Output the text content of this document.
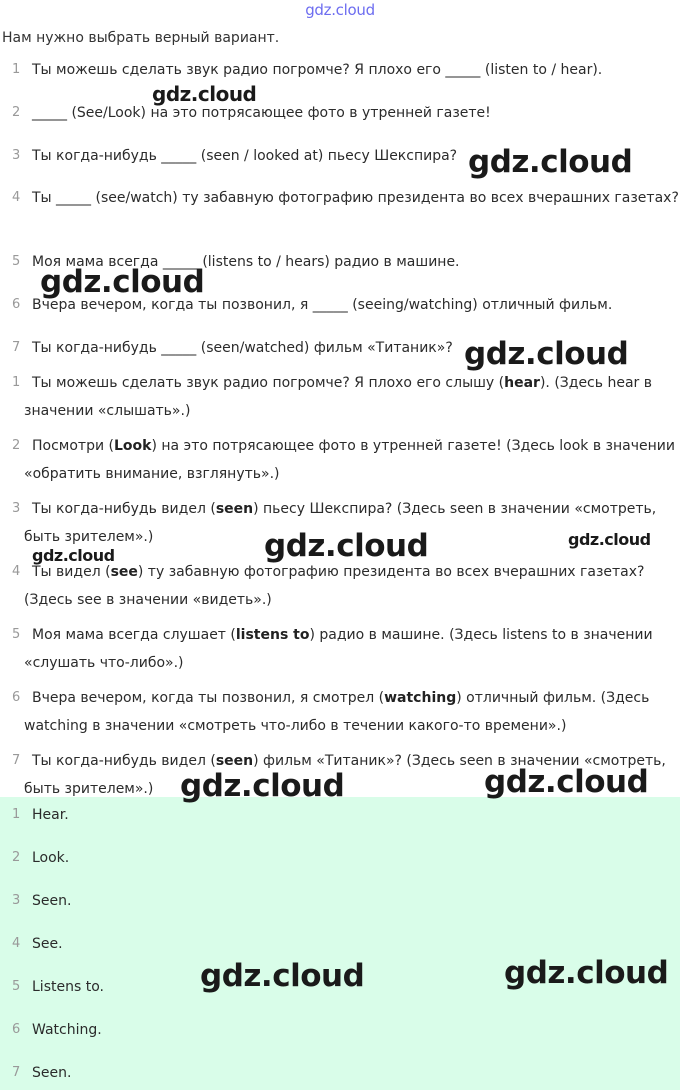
gdz.cloud
Нам нужно выбрать верный вариант.
1 Ты можешь сделать звук радио погромче? Я плохо его _____ (listen to / hear).
2 _____ (See/Look) на это потрясающее фото в утренней газете!
3 Ты когда-нибудь _____ (seen / looked at) пьесу Шекспира?
4 Ты _____ (see/watch) ту забавную фотографию президента во всех вчерашних газетах?
5 Моя мама всегда _____ (listens to / hears) радио в машине.
6 Вчера вечером, когда ты позвонил, я _____ (seeing/watching) отличный фильм.
7 Ты когда-нибудь _____ (seen/watched) фильм «Титаник»?
1 Ты можешь сделать звук радио погромче? Я плохо его слышу (hear). (Здесь hear в значении «слышать».)
2 Посмотри (Look) на это потрясающее фото в утренней газете! (Здесь look в значении «обратить внимание, взглянуть».)
3 Ты когда-нибудь видел (seen) пьесу Шекспира? (Здесь seen в значении «смотреть, быть зрителем».)
4 Ты видел (see) ту забавную фотографию президента во всех вчерашних газетах? (Здесь see в значении «видеть».)
5 Моя мама всегда слушает (listens to) радио в машине. (Здесь listens to в значении «слушать что-либо».)
6 Вчера вечером, когда ты позвонил, я смотрел (watching) отличный фильм. (Здесь watching в значении «смотреть что-либо в течении какого-то времени».)
7 Ты когда-нибудь видел (seen) фильм «Титаник»? (Здесь seen в значении «смотреть, быть зрителем».)
1 Hear.
2 Look.
3 Seen.
4 See.
5 Listens to.
6 Watching.
7 Seen.
gdz.cloud
gdz.cloud
gdz.cloud
gdz.cloud
gdz.cloud	gdz.cloud
gdz.cloud
gdz.cloud	gdz.cloud
gdz.cloud	gdz.cloud
